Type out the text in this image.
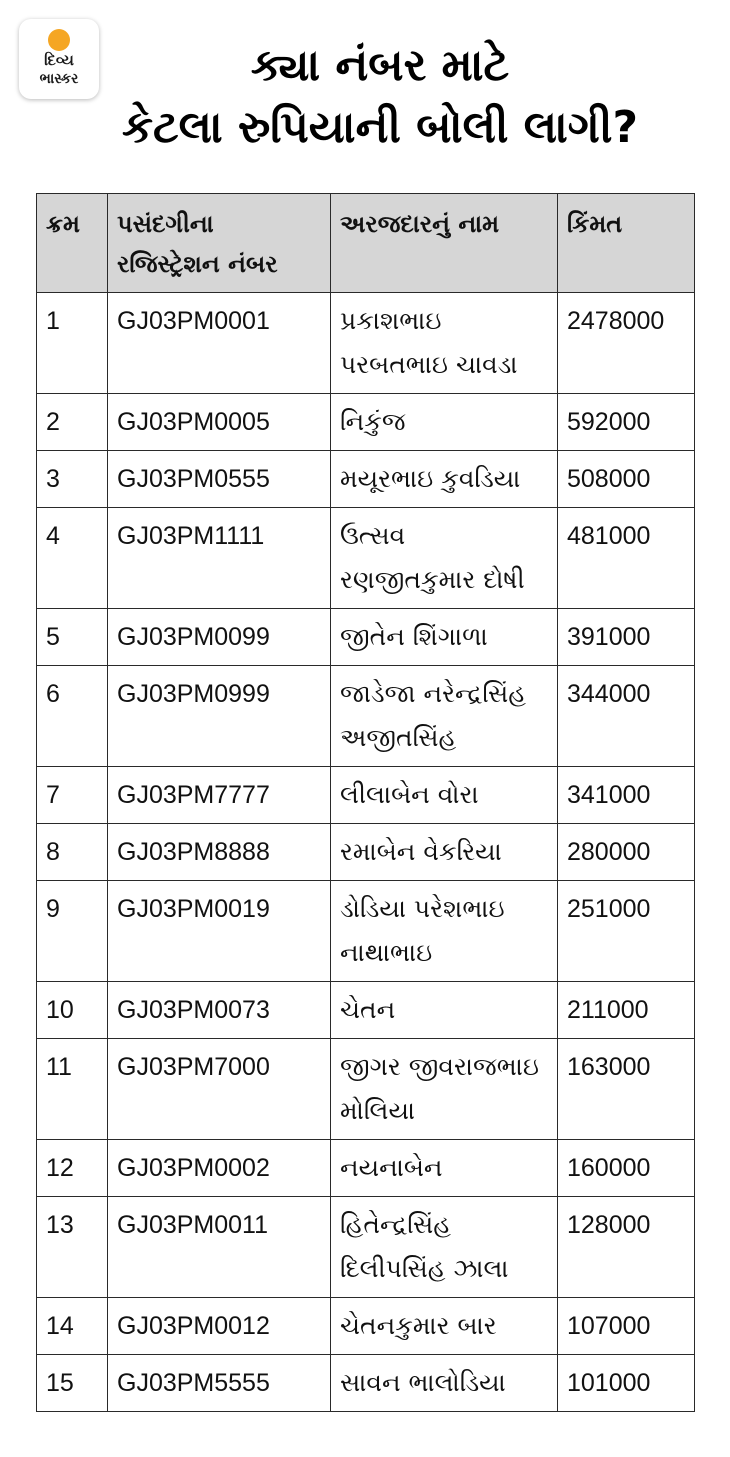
દિવ્ય
ભાસ્કર	ક્યા નંબર માટે
કેટલા રુપિયાની બોલી લાગી?
ક્રમ	પસંદગીના રજિસ્ટ્રેશન નંબર	અરજદારનું નામ	કિંમત
1	GJ03PM0001	પ્રકાશભાઇ પરબતભાઇ ચાવડા	2478000
2	GJ03PM0005	નિકુંજ	592000
3	GJ03PM0555	મયૂરભાઇ કુવડિયા	508000
4	GJ03PM1111	ઉત્સવ રણજીતકુમાર દોષી	481000
5	GJ03PM0099	જીતેન શિંગાળા	391000
6	GJ03PM0999	જાડેજા નરેન્દ્રસિંહ અજીતસિંહ	344000
7	GJ03PM7777	લીલાબેન વોરા	341000
8	GJ03PM8888	રમાબેન વેકરિયા	280000
9	GJ03PM0019	ડોડિયા પરેશભાઇ નાથાભાઇ	251000
10	GJ03PM0073	ચેતન	211000
11	GJ03PM7000	જીગર જીવરાજભાઇ મોલિયા	163000
12	GJ03PM0002	નયનાબેન	160000
13	GJ03PM0011	હિતેન્દ્રસિંહ દિલીપસિંહ ઝાલા	128000
14	GJ03PM0012	ચેતનકુમાર બાર	107000
15	GJ03PM5555	સાવન ભાલોડિયા	101000
